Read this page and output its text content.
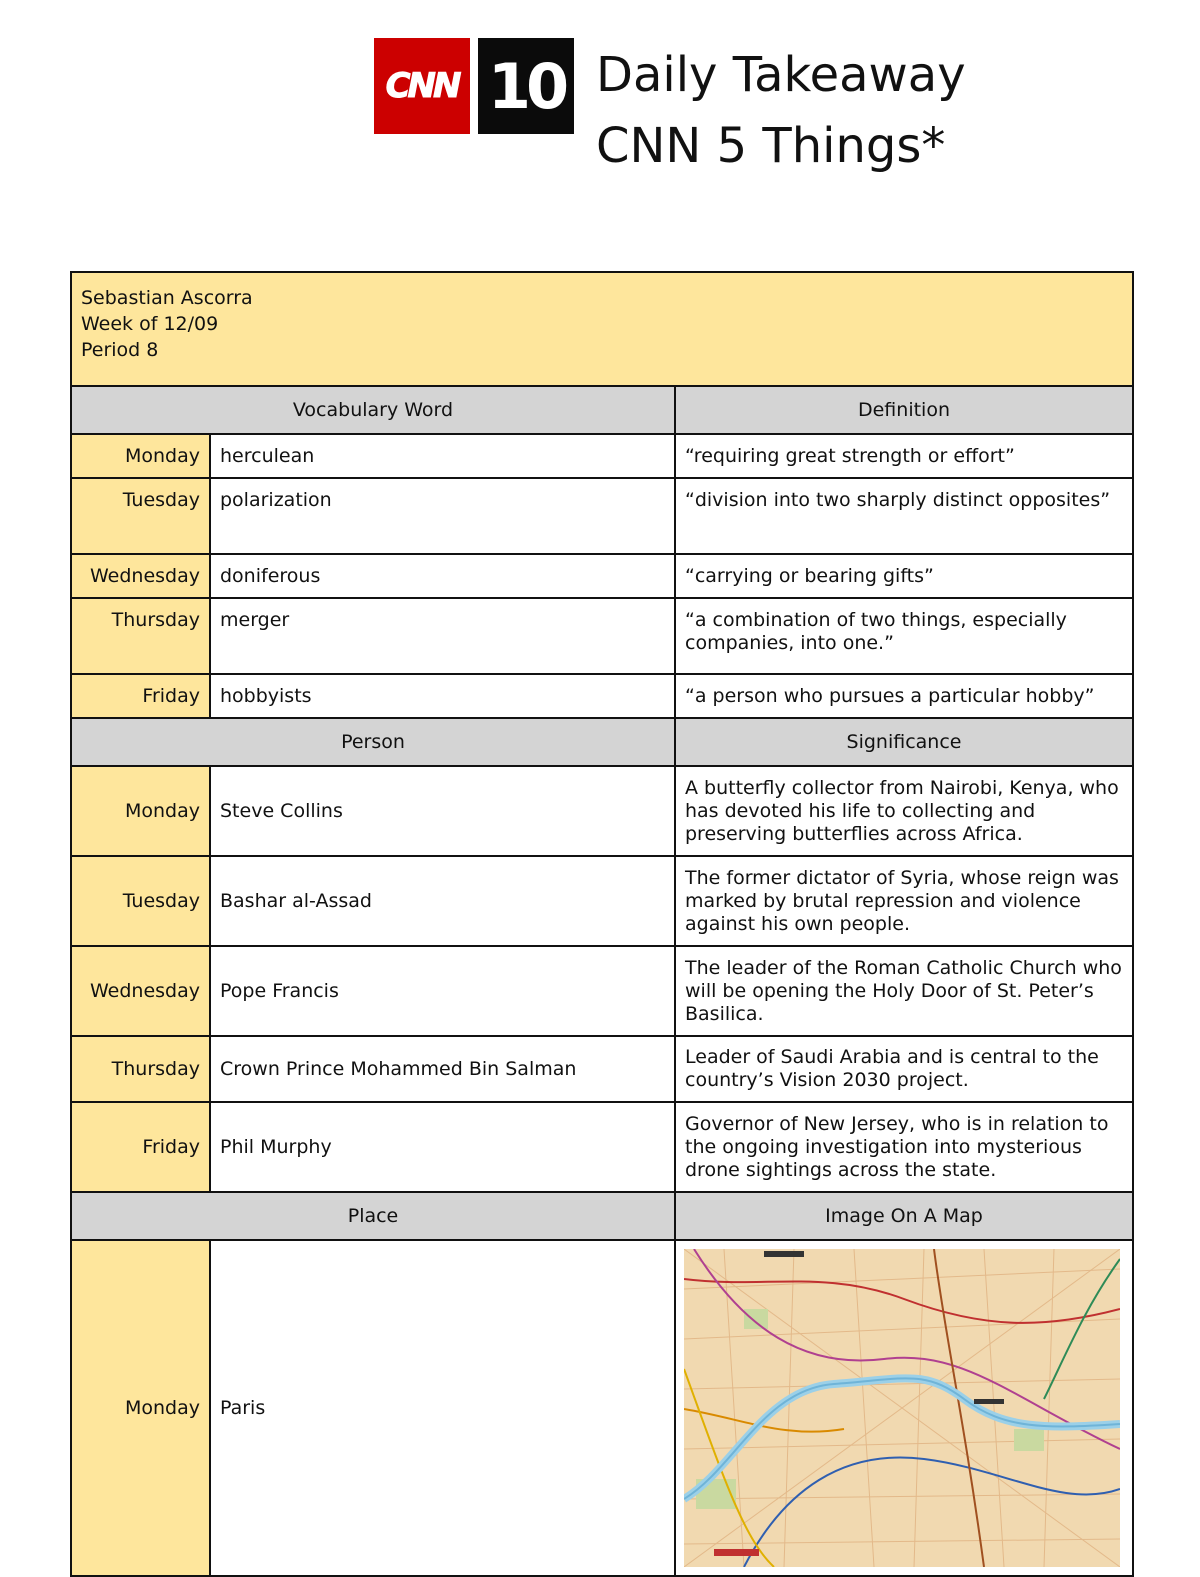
CNN 10 Daily Takeaway
CNN 5 Things*
Sebastian Ascorra
Week of 12/09
Period 8		

Vocabulary Word		Definition
Monday	herculean	“requiring great strength or effort”
Tuesday	polarization	“division into two sharply distinct opposites”
Wednesday	doniferous	“carrying or bearing gifts”
Thursday	merger	“a combination of two things, especially companies, into one.”
Friday	hobbyists	“a person who pursues a particular hobby”
Person		Significance
Monday	Steve Collins	A butterfly collector from Nairobi, Kenya, who has devoted his life to collecting and preserving butterflies across Africa.
Tuesday	Bashar al-Assad	The former dictator of Syria, whose reign was marked by brutal repression and violence against his own people.
Wednesday	Pope Francis	The leader of the Roman Catholic Church who will be opening the Holy Door of St. Peter’s Basilica.
Thursday	Crown Prince Mohammed Bin Salman	Leader of Saudi Arabia and is central to the country’s Vision 2030 project.
Friday	Phil Murphy	Governor of New Jersey, who is in relation to the ongoing investigation into mysterious drone sightings across the state.
Place		Image On A Map
Monday	Paris	
